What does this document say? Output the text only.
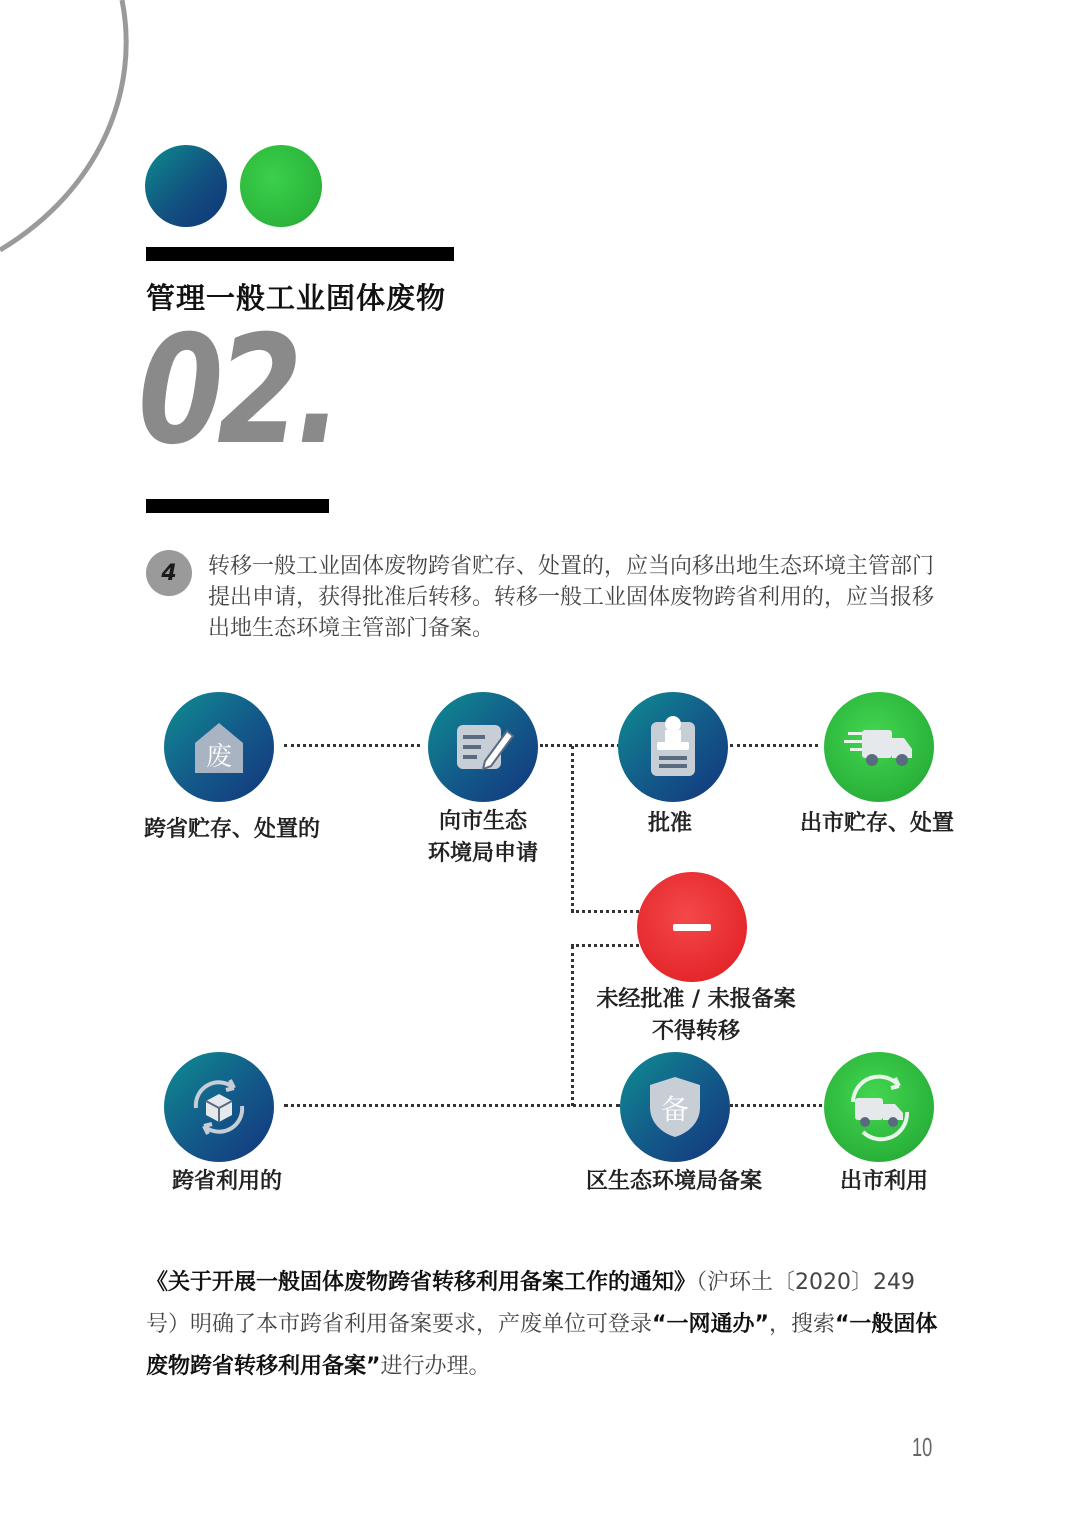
管理一般工业固体废物
02.
4	转移一般工业固体废物跨省贮存、处置的，应当向移出地生态环境主管部门提出申请，获得批准后转移。转移一般工业固体废物跨省利用的，应当报移出地生态环境主管部门备案。
废
跨省贮存、处置的	向市生态
环境局申请
批准	出市贮存、处置
未经批准 / 未报备案
不得转移
跨省利用的
备
区生态环境局备案	出市利用
《关于开展一般固体废物跨省转移利用备案工作的通知》（沪环土〔2020〕249号）明确了本市跨省利用备案要求，产废单位可登录“一网通办”，搜索“一般固体废物跨省转移利用备案”进行办理。
10
